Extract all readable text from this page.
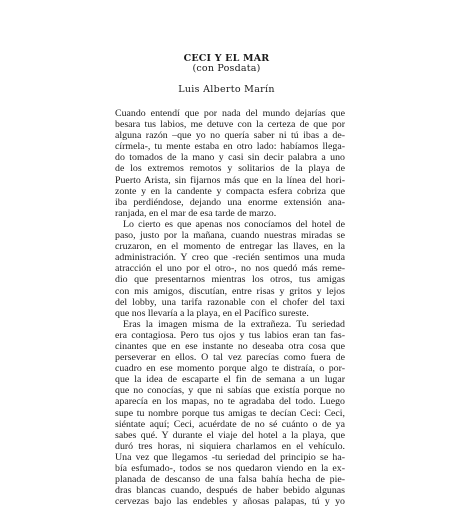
CECI Y EL MAR
(con Posdata)
Luis Alberto Marín
Cuando entendí que por nada del mundo dejarías que
besara tus labios, me detuve con la certeza de que por
alguna razón –que yo no quería saber ni tú ibas a de-
círmela-, tu mente estaba en otro lado: habíamos llega-
do tomados de la mano y casi sin decir palabra a uno
de los extremos remotos y solitarios de la playa de
Puerto Arista, sin fijarnos más que en la línea del hori-
zonte y en la candente y compacta esfera cobriza que
iba perdiéndose, dejando una enorme extensión ana-
ranjada, en el mar de esa tarde de marzo.
Lo cierto es que apenas nos conocíamos del hotel de
paso, justo por la mañana, cuando nuestras miradas se
cruzaron, en el momento de entregar las llaves, en la
administración. Y creo que -recién sentimos una muda
atracción el uno por el otro-, no nos quedó más reme-
dio que presentarnos mientras los otros, tus amigas
con mis amigos, discutían, entre risas y gritos y lejos
del lobby, una tarifa razonable con el chofer del taxi
que nos llevaría a la playa, en el Pacífico sureste.
Eras la imagen misma de la extrañeza. Tu seriedad
era contagiosa. Pero tus ojos y tus labios eran tan fas-
cinantes que en ese instante no deseaba otra cosa que
perseverar en ellos. O tal vez parecías como fuera de
cuadro en ese momento porque algo te distraía, o por-
que la idea de escaparte el fin de semana a un lugar
que no conocías, y que ni sabías que existía porque no
aparecía en los mapas, no te agradaba del todo. Luego
supe tu nombre porque tus amigas te decían Ceci: Ceci,
siéntate aquí; Ceci, acuérdate de no sé cuánto o de ya
sabes qué. Y durante el viaje del hotel a la playa, que
duró tres horas, ni siquiera charlamos en el vehículo.
Una vez que llegamos -tu seriedad del principio se ha-
bía esfumado-, todos se nos quedaron viendo en la ex-
planada de descanso de una falsa bahía hecha de pie-
dras blancas cuando, después de haber bebido algunas
cervezas bajo las endebles y añosas palapas, tú y yo
